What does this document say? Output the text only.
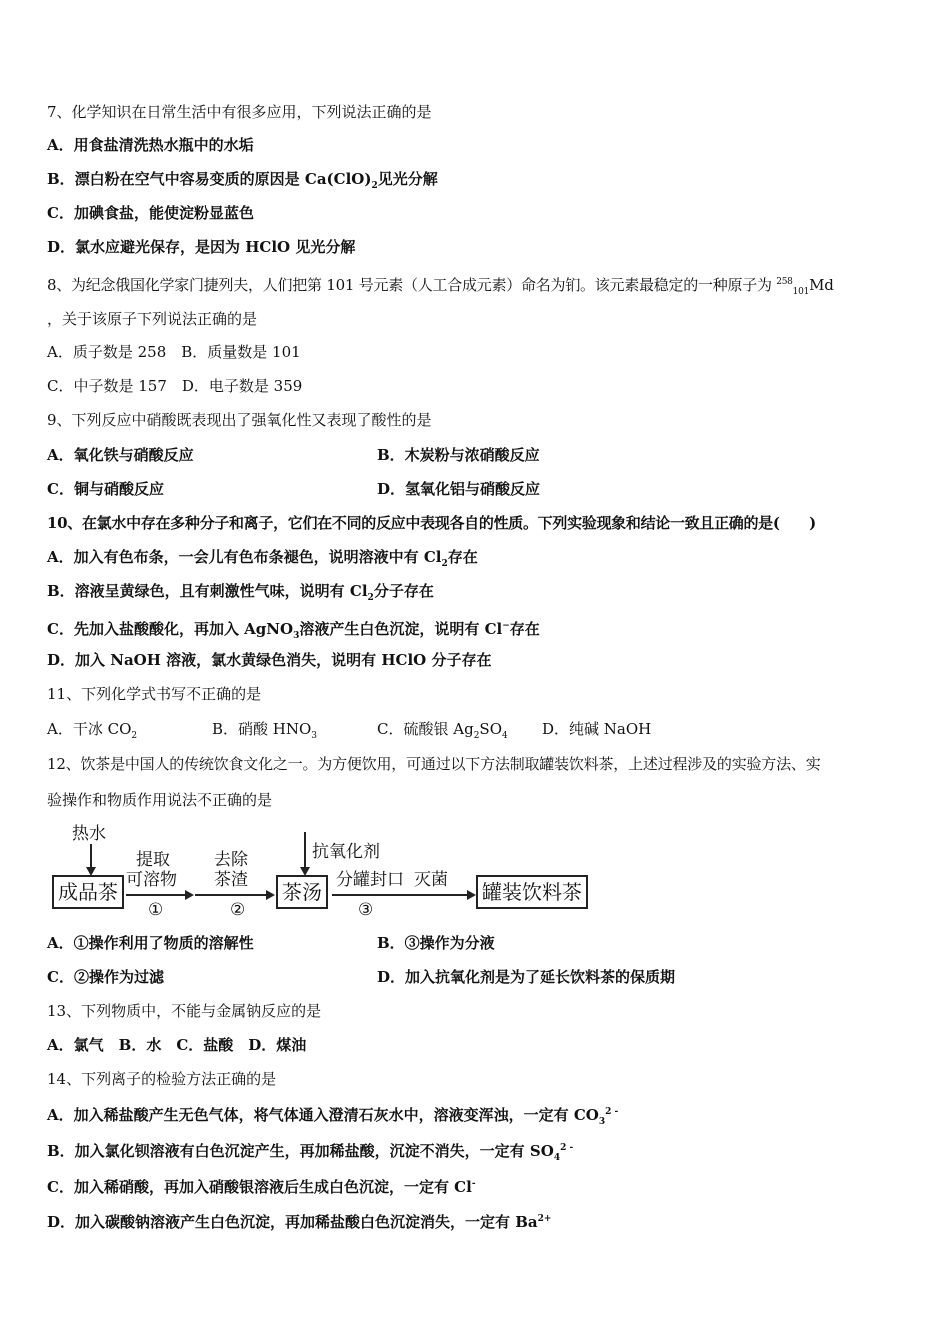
7、化学知识在日常生活中有很多应用，下列说法正确的是
A．用食盐清洗热水瓶中的水垢
B．漂白粉在空气中容易变质的原因是 $Ca(ClO)_2$见光分解
C．加碘食盐，能使淀粉显蓝色
D．氯水应避光保存，是因为 HClO 见光分解
8、为纪念俄国化学家门捷列夫，人们把第 101 号元素（人工合成元素）命名为钔。该元素最稳定的一种原子为 $^{258}_{101}$Md
，关于该原子下列说法正确的是
A．质子数是 258　B．质量数是 101
C．中子数是 157　D．电子数是 359
9、下列反应中硝酸既表现出了强氧化性又表现了酸性的是
A．氧化铁与硝酸反应	B．木炭粉与浓硝酸反应
C．铜与硝酸反应	D．氢氧化铝与硝酸反应
10、在氯水中存在多种分子和离子，它们在不同的反应中表现各自的性质。下列实验现象和结论一致且正确的是(　　)
A．加入有色布条，一会儿有色布条褪色，说明溶液中有 $Cl_2$存在
B．溶液呈黄绿色，且有刺激性气味，说明有 $Cl_2$分子存在
C．先加入盐酸酸化，再加入 AgNO$_3$溶液产生白色沉淀，说明有 Cl−存在
D．加入 NaOH 溶液，氯水黄绿色消失，说明有 HClO 分子存在
11、下列化学式书写不正确的是
A．干冰 $CO_2$	B．硝酸 $HNO_3$	C．硫酸银 $Ag_2SO_4$ D．纯碱 NaOH
12、饮茶是中国人的传统饮食文化之一。为方便饮用，可通过以下方法制取罐装饮料茶，上述过程涉及的实验方法、实
验操作和物质作用说法不正确的是
热水
成品茶
提取
可溶物
①
去除
茶渣
②
抗氧化剂
茶汤 分罐封口 灭菌
③
罐装饮料茶
A．①操作利用了物质的溶解性	B．③操作为分液
C．②操作为过滤	D．加入抗氧化剂是为了延长饮料茶的保质期
13、下列物质中，不能与金属钠反应的是
A．氯气　B．水　C．盐酸　D．煤油
14、下列离子的检验方法正确的是
A．加入稀盐酸产生无色气体，将气体通入澄清石灰水中，溶液变浑浊，一定有 $CO_3^{2 -}$
B．加入氯化钡溶液有白色沉淀产生，再加稀盐酸，沉淀不消失，一定有 $SO_4^{2 -}$
C．加入稀硝酸，再加入硝酸银溶液后生成白色沉淀，一定有 Cl-
D．加入碳酸钠溶液产生白色沉淀，再加稀盐酸白色沉淀消失，一定有 $Ba^{2+}$
